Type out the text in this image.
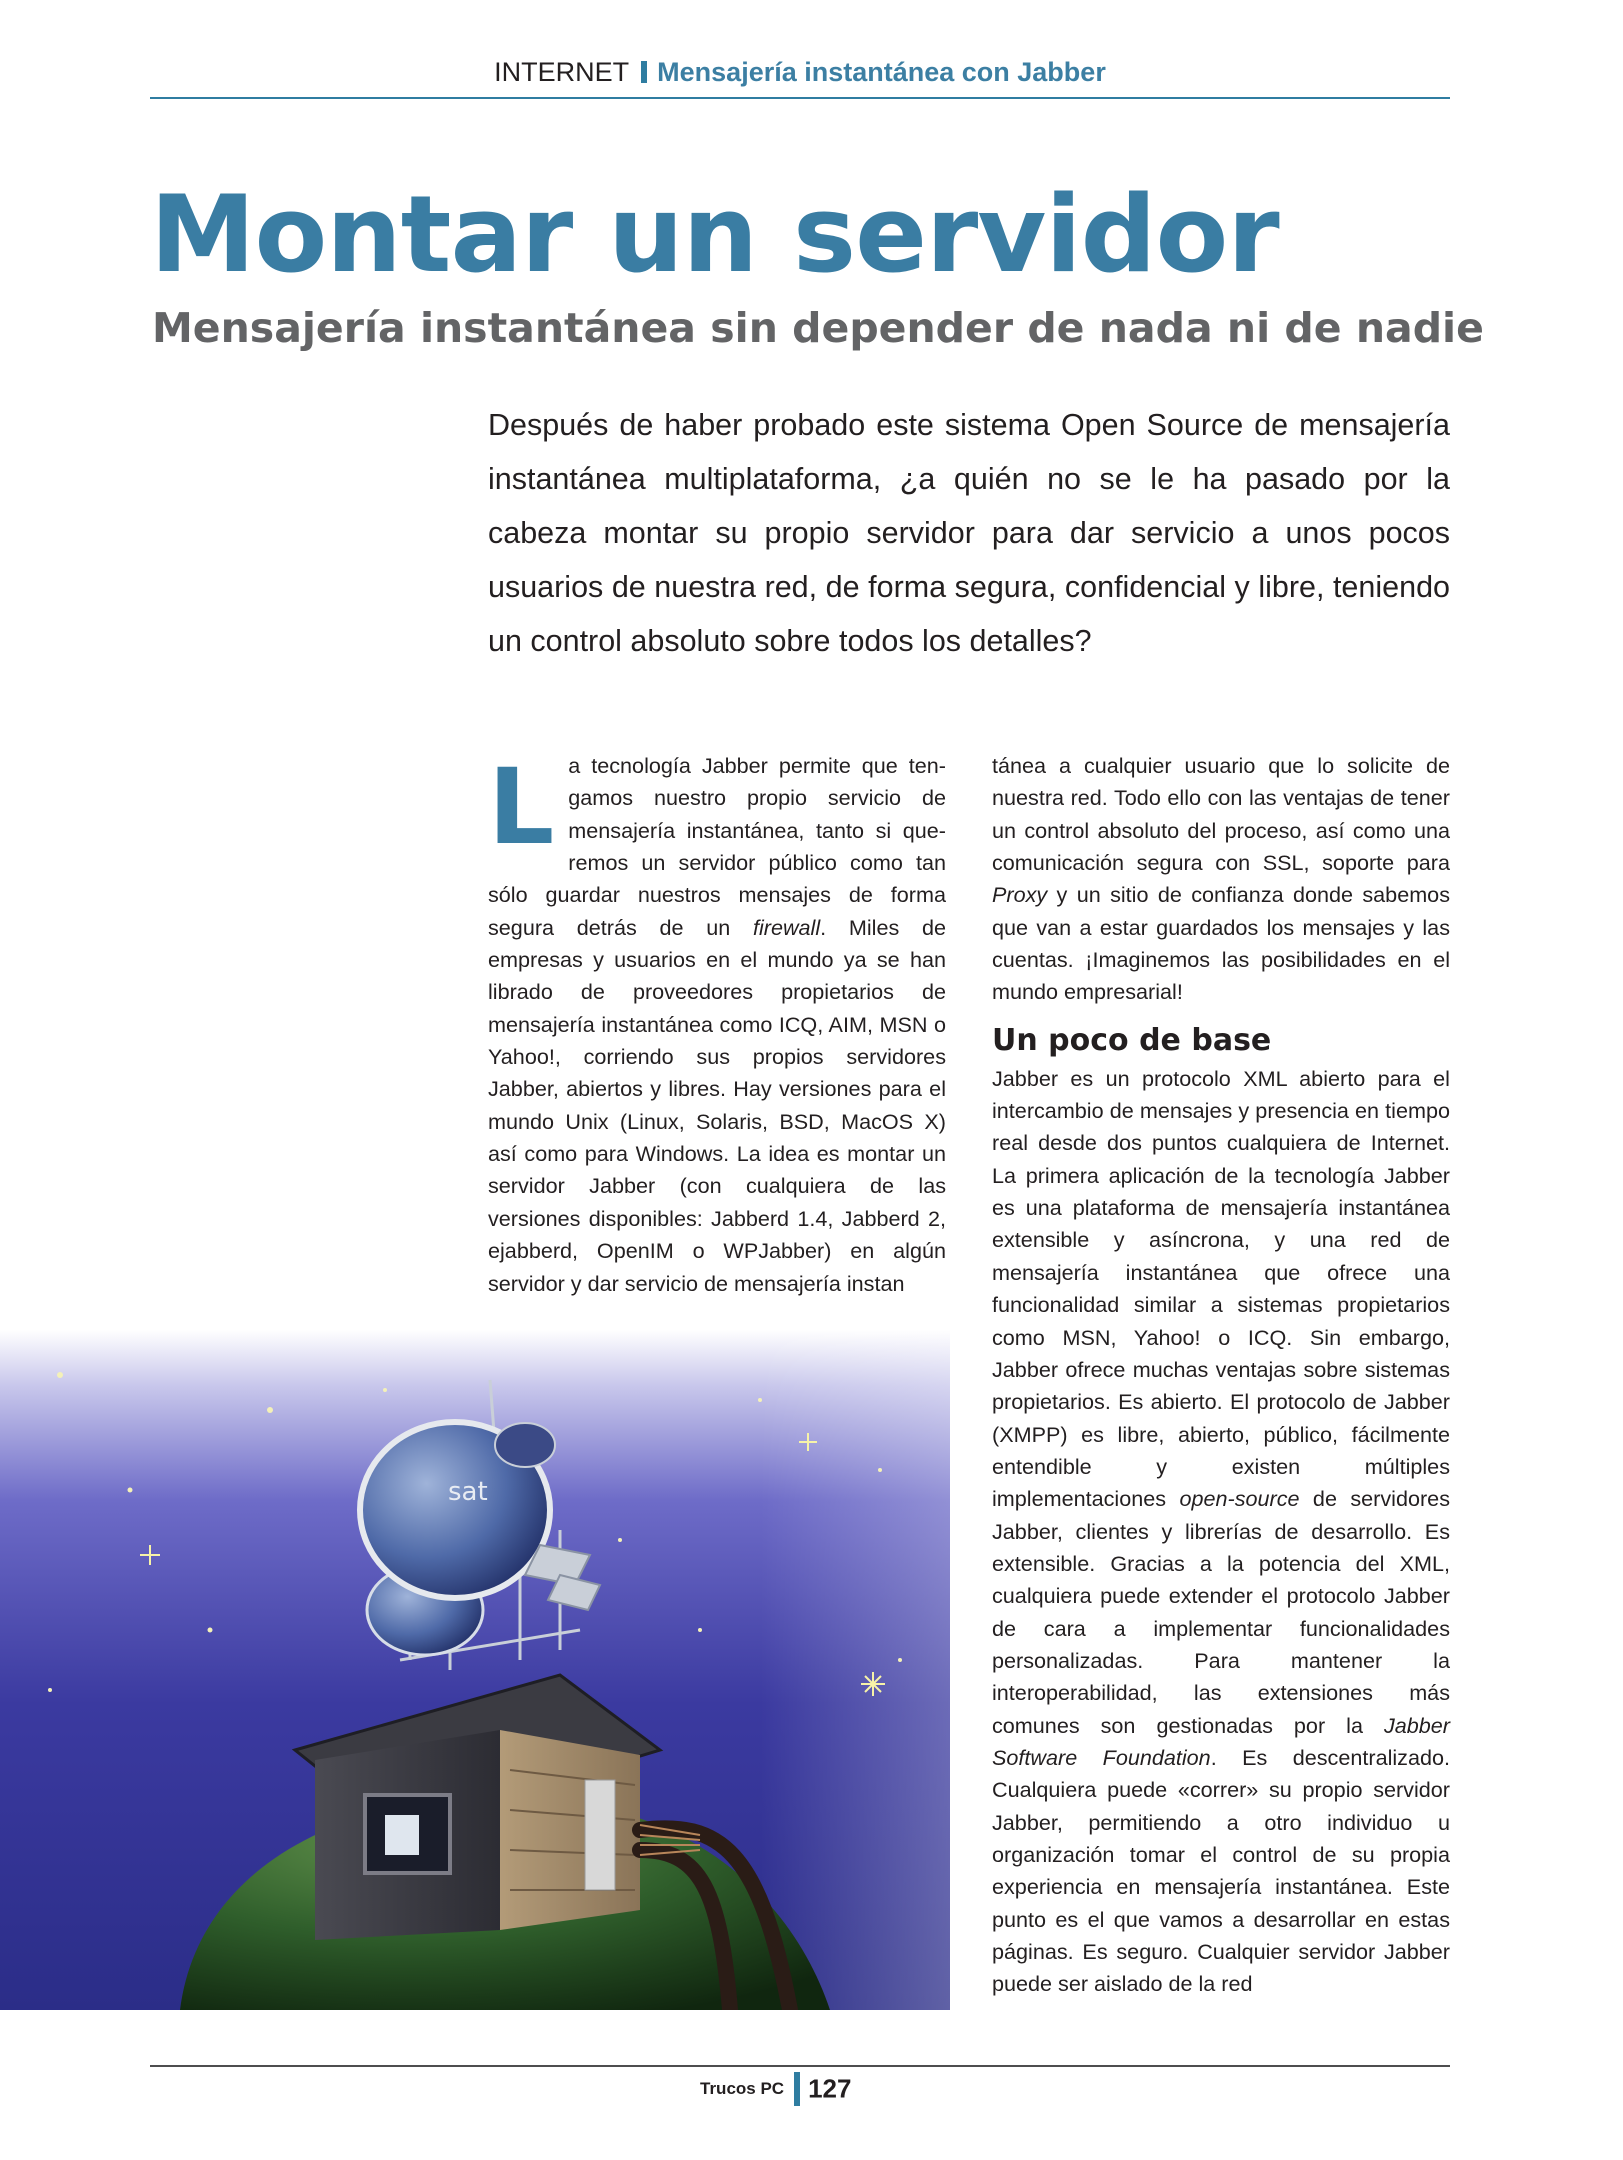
INTERNET Mensajería instantánea con Jabber
Montar un servidor
Mensajería instantánea sin depender de nada ni de nadie

Después de haber probado este sistema Open Source de mensajería instantánea multiplataforma, ¿a quién no se le ha pasado por la cabeza montar su propio servidor para dar servicio a unos pocos usuarios de nuestra red, de forma segura, confidencial y libre, teniendo un control absoluto sobre todos los detalles?

La tecnología Jabber permite que tengamos nuestro propio servicio de mensajería instantánea, tanto si queremos un servidor público como tan sólo guardar nuestros mensajes de forma segura detrás de un firewall. Miles de empresas y usuarios en el mundo ya se han librado de proveedores propietarios de mensajería instantánea como ICQ, AIM, MSN o Yahoo!, corriendo sus propios servidores Jabber, abiertos y libres. Hay versiones para el mundo Unix (Linux, Solaris, BSD, MacOS X) así como para Windows. La idea es montar un servidor Jabber (con cualquiera de las versiones disponibles: Jabberd 1.4, Jabberd 2, ejabberd, OpenIM o WPJabber) en algún servidor y dar servicio de mensajería instan

tánea a cualquier usuario que lo solicite de nuestra red. Todo ello con las ventajas de tener un control absoluto del proceso, así como una comunicación segura con SSL, soporte para Proxy y un sitio de confianza donde sabemos que van a estar guardados los mensajes y las cuentas. ¡Imaginemos las posibilidades en el mundo empresarial!

Un poco de base

Jabber es un protocolo XML abierto para el intercambio de mensajes y presencia en tiempo real desde dos puntos cualquiera de Internet. La primera aplicación de la tecnología Jabber es una plataforma de mensajería instantánea extensible y asíncrona, y una red de mensajería instantánea que ofrece una funcionalidad similar a sistemas propietarios como MSN, Yahoo! o ICQ. Sin embargo, Jabber ofrece muchas ventajas sobre sistemas propietarios. Es abierto. El protocolo de Jabber (XMPP) es libre, abierto, público, fácilmente entendible y existen múltiples implementaciones open-source de servidores Jabber, clientes y librerías de desarrollo. Es extensible. Gracias a la potencia del XML, cualquiera puede extender el protocolo Jabber de cara a implementar funcionalidades personalizadas. Para mantener la interoperabilidad, las extensiones más comunes son gestionadas por la Jabber Software Foundation. Es descentralizado. Cualquiera puede «correr» su propio servidor Jabber, permitiendo a otro individuo u organización tomar el control de su propia experiencia en mensajería instantánea. Este punto es el que vamos a desarrollar en estas páginas. Es seguro. Cualquier servidor Jabber puede ser aislado de la red

sat
Trucos PC 127
